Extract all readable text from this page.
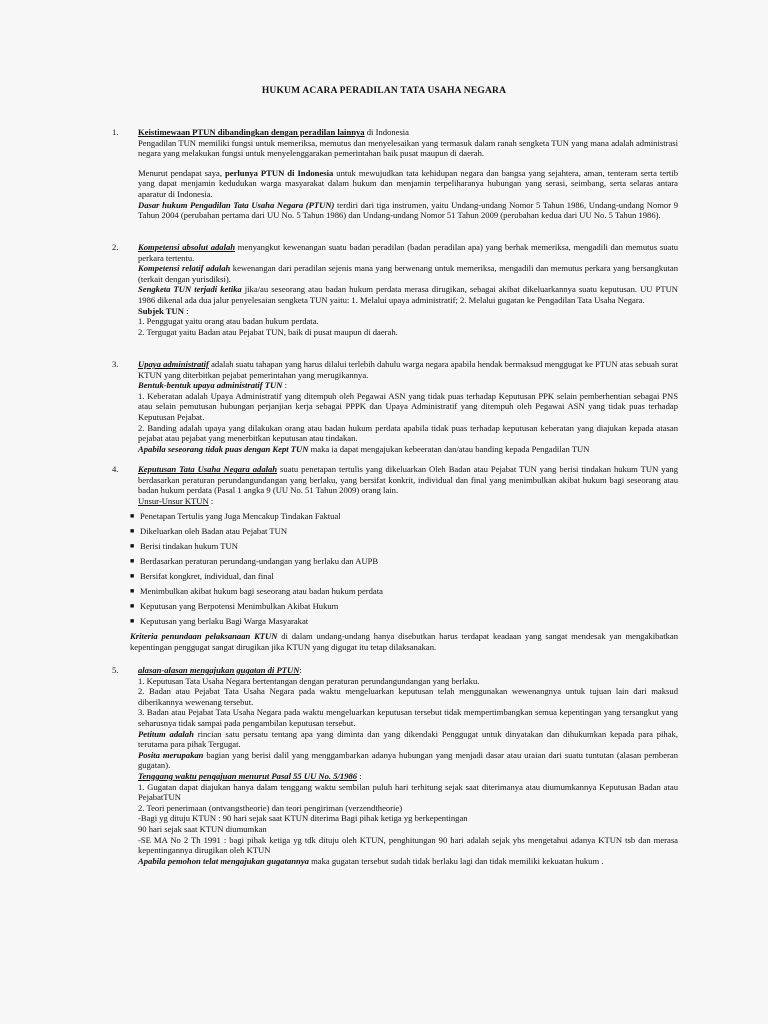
HUKUM ACARA PERADILAN TATA USAHA NEGARA
1. Keistimewaan PTUN dibandingkan dengan peradilan lainnya di Indonesia

Pengadilan TUN memiliki fungsi untuk memeriksa, memutus dan menyelesaikan yang termasuk dalam ranah sengketa TUN yang mana adalah administrasi negara yang melakukan fungsi untuk menyelenggarakan pemerintahan baik pusat maupun di daerah.

Menurut pendapat saya, perlunya PTUN di Indonesia untuk mewujudkan tata kehidupan negara dan bangsa yang sejahtera, aman, tenteram serta tertib yang dapat menjamin kedudukan warga masyarakat dalam hukum dan menjamin terpeliharanya hubungan yang serasi, seimbang, serta selaras antara aparatur di Indonesia.

Dasar hukum Pengadilan Tata Usaha Negara (PTUN) terdiri dari tiga instrumen, yaitu Undang-undang Nomor 5 Tahun 1986, Undang-undang Nomor 9 Tahun 2004 (perubahan pertama dari UU No. 5 Tahun 1986) dan Undang-undang Nomor 51 Tahun 2009 (perubahan kedua dari UU No. 5 Tahun 1986).

2. Kompetensi absolut adalah menyangkut kewenangan suatu badan peradilan (badan peradilan apa) yang berhak memeriksa, mengadili dan memutus suatu perkara tertentu.

Kompetensi relatif adalah kewenangan dari peradilan sejenis mana yang berwenang untuk memeriksa, mengadili dan memutus perkara yang bersangkutan (terkait dengan yurisdiksi).

Sengketa TUN terjadi ketika jika/au seseorang atau badan hukum perdata merasa dirugikan, sebagai akibat dikeluarkannya suatu keputusan. UU PTUN 1986 dikenal ada dua jalur penyelesaian sengketa TUN yaitu: 1. Melalui upaya administratif; 2. Melalui gugatan ke Pengadilan Tata Usaha Negara.

Subjek TUN :

1. Penggugat yaitu orang atau badan hukum perdata.

2. Tergugat yaitu Badan atau Pejabat TUN, baik di pusat maupun di daerah.

3. Upaya administratif adalah suatu tahapan yang harus dilalui terlebih dahulu warga negara apabila hendak bermaksud menggugat ke PTUN atas sebuah surat KTUN yang diterbitkan pejabat pemerintahan yang merugikannya.

Bentuk-bentuk upaya administratif TUN :

1. Keberatan adalah Upaya Administratif yang ditempuh oleh Pegawai ASN yang tidak puas terhadap Keputusan PPK selain pemberhentian sebagai PNS atau selain pemutusan hubungan perjanjian kerja sebagai PPPK dan Upaya Administratif yang ditempuh oleh Pegawai ASN yang tidak puas terhadap Keputusan Pejabat.

2. Banding adalah upaya yang dilakukan orang atau badan hukum perdata apabila tidak puas terhadap keputusan keberatan yang diajukan kepada atasan pejabat atau pejabat yang menerbitkan keputusan atau tindakan.

Apabila seseorang tidak puas dengan Kept TUN maka ia dapat mengajukan kebeeratan dan/atau banding kepada Pengadilan TUN

4. Keputusan Tata Usaha Negara adalah suatu penetapan tertulis yang dikeluarkan Oleh Badan atau Pejabat TUN yang berisi tindakan hukum TUN yang berdasarkan peraturan perundangundangan yang berlaku, yang bersifat konkrit, individual dan final yang menimbulkan akibat hukum bagi seseorang atau badan hukum perdata (Pasal 1 angka 9 (UU No. 51 Tahun 2009) orang lain.

Unsur-Unsur KTUN :

■ Penetapan Tertulis yang Juga Mencakup Tindakan Faktual
■ Dikeluarkan oleh Badan atau Pejabat TUN
■ Berisi tindakan hukum TUN
■ Berdasarkan peraturan perundang-undangan yang berlaku dan AUPB
■ Bersifat kongkret, individual, dan final
■ Menimbulkan akibat hukum bagi seseorang atau badan hukum perdata
■ Keputusan yang Berpotensi Menimbulkan Akibat Hukum
■ Keputusan yang berlaku Bagi Warga Masyarakat

Kriteria penundaan pelaksanaan KTUN di dalam undang-undang hanya disebutkan harus terdapat keadaan yang sangat mendesak yan mengakibatkan kepentingan penggugat sangat dirugikan jika KTUN yang digugat itu tetap dilaksanakan.

5. alasan-alasan mengajukan gugatan di PTUN:

1. Keputusan Tata Usaha Negara bertentangan dengan peraturan perundangundangan yang berlaku.

2. Badan atau Pejabat Tata Usaha Negara pada waktu mengeluarkan keputusan telah menggunakan wewenangnya untuk tujuan lain dari maksud diberikannya wewenang tersebut.

3. Badan atau Pejabat Tata Usaha Negara pada waktu mengeluarkan keputusan tersebut tidak mempertimbangkan semua kepentingan yang tersangkut yang seharusnya tidak sampai pada pengambilan keputusan tersebut.

Petitum adalah rincian satu persatu tentang apa yang diminta dan yang dikendaki Penggugat untuk dinyatakan dan dihukumkan kepada para pihak, terutama para pihak Tergugat.

Posita merupakan bagian yang berisi dalil yang menggambarkan adanya hubungan yang menjadi dasar atau uraian dari suatu tuntutan (alasan pemberan gugatan).

Tenggang waktu pengajuan menurut Pasal 55 UU No. 5/1986 :

1. Gugatan dapat diajukan hanya dalam tenggang waktu sembilan puluh hari terhitung sejak saat diterimanya atau diumumkannya Keputusan Badan atau PejabatTUN

2. Teori penerimaan (ontvangstheorie) dan teori pengiriman (verzendtheorie)

-Bagi yg dituju KTUN : 90 hari sejak saat KTUN diterima Bagi pihak ketiga yg berkepentingan

90 hari sejak saat KTUN diumumkan

-SE MA No 2 Th 1991 : bagi pihak ketiga yg tdk dituju oleh KTUN, penghitungan 90 hari adalah sejak ybs mengetahui adanya KTUN tsb dan merasa kepentingannya dirugikan oleh KTUN

Apabila pemohon telat mengajukan gugatannya maka gugatan tersebut sudah tidak berlaku lagi dan tidak memiliki kekuatan hukum .
